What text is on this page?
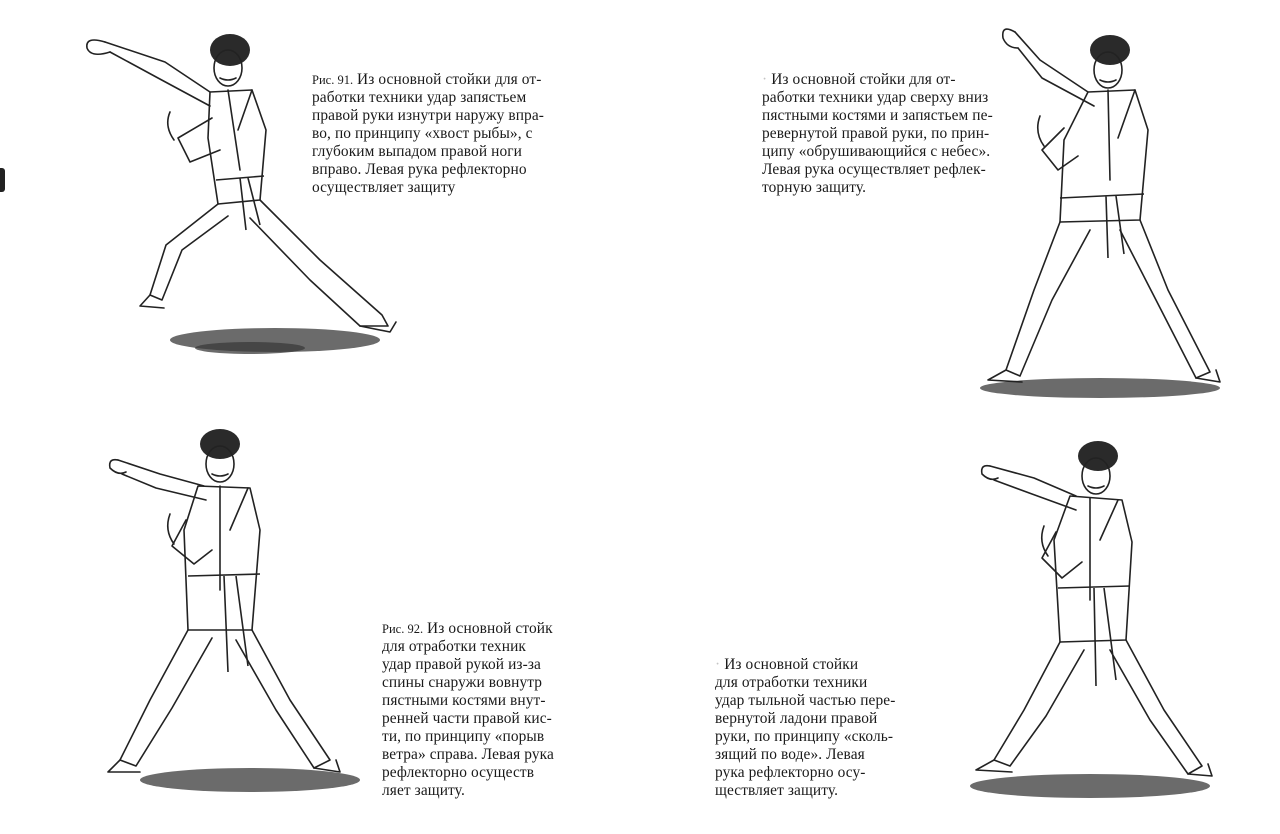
Рис. 91. Из основной стойки для от-
работки техники удар запястьем
правой руки изнутри наружу впра-
во, по принципу «хвост рыбы», с
глубоким выпадом правой ноги
вправо. Левая рука рефлекторно
осуществляет защиту
· Из основной стойки для от-
работки техники удар сверху вниз
пястными костями и запястьем пе-
ревернутой правой руки, по прин-
ципу «обрушивающийся с небес».
Левая рука осуществляет рефлек-
торную защиту.
Рис. 92. Из основной стойк
для отработки техник
удар правой рукой из-за
спины снаружи вовнутр
пястными костями внут-
ренней части правой кис-
ти, по принципу «порыв
ветра» справа. Левая рука
рефлекторно осуществ
ляет защиту.
· Из основной стойки
для отработки техники
удар тыльной частью пере-
вернутой ладони правой
руки, по принципу «сколь-
зящий по воде». Левая
рука рефлекторно осу-
ществляет защиту.
